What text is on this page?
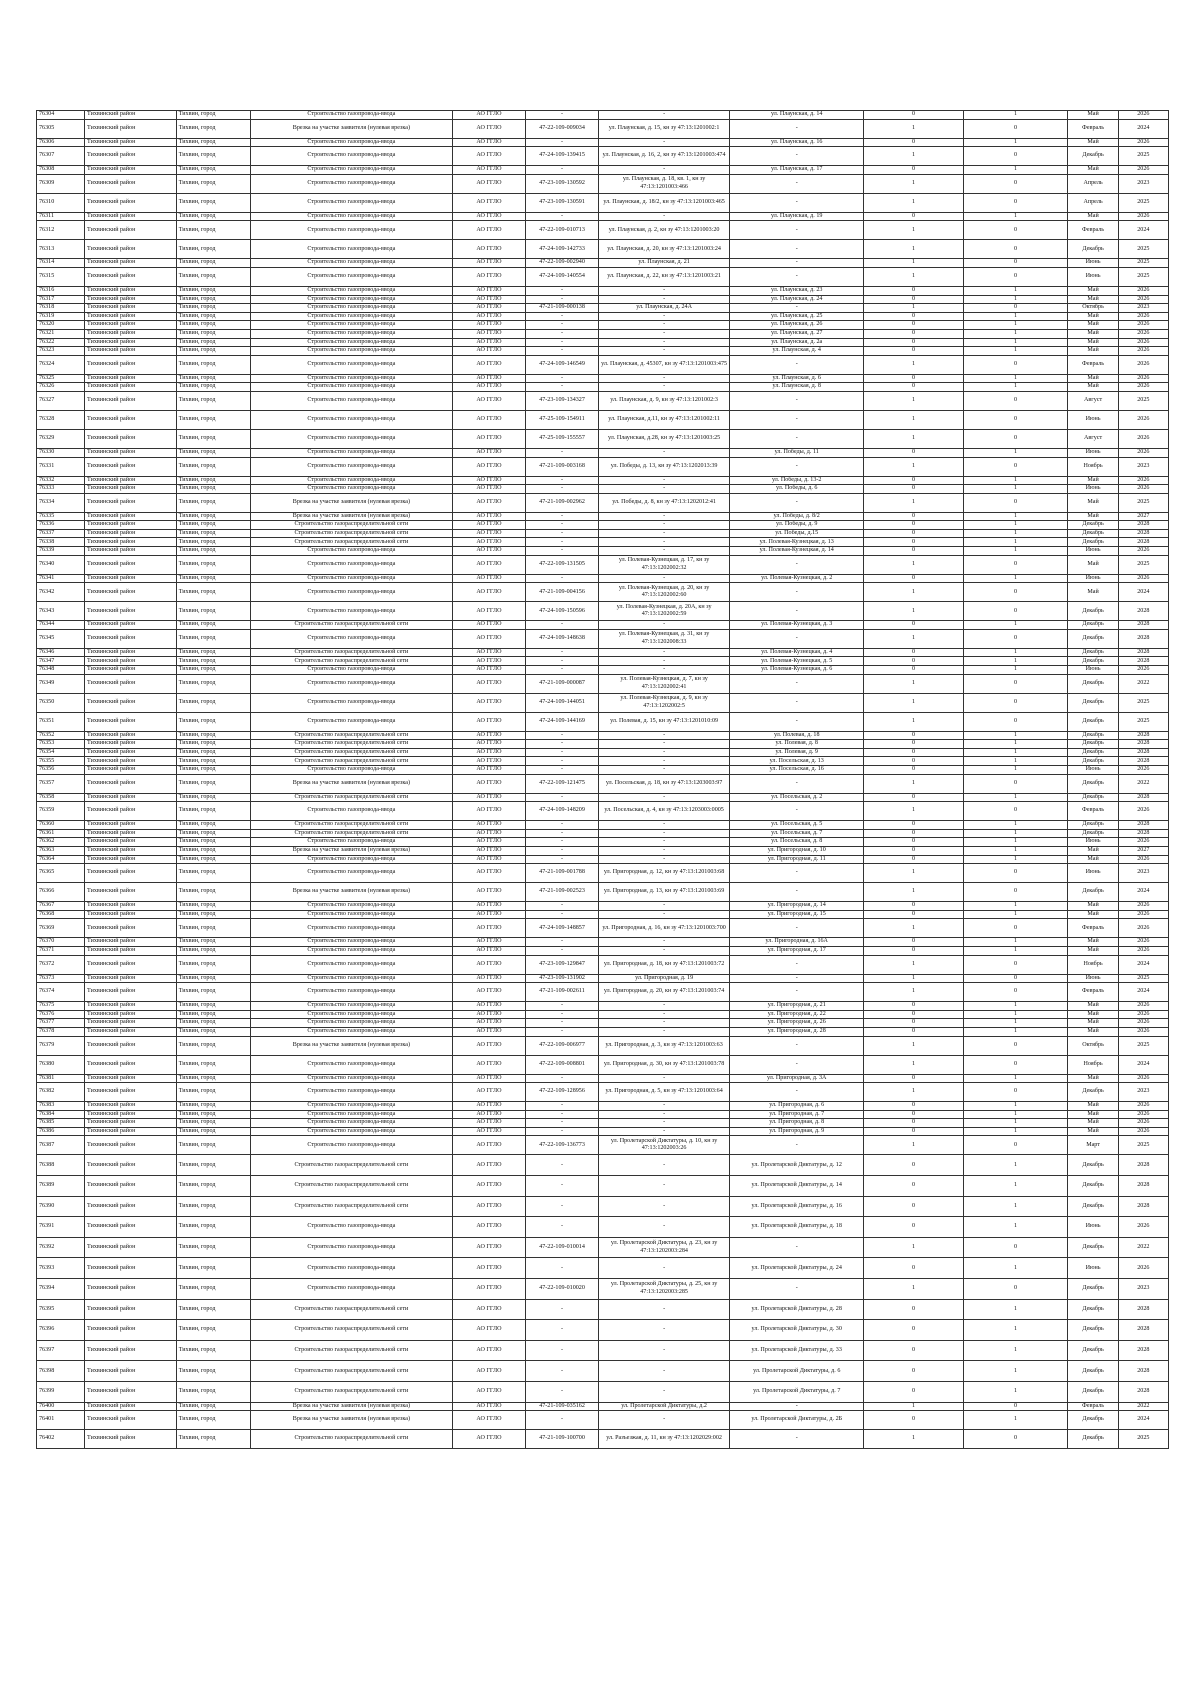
76304	Тихвинский район	Тихвин, город	Строительство газопровода-ввода	АО ГГЛО	-	-	ул. Плаунская, д. 14	0	1	Май	2026
76305	Тихвинский район	Тихвин, город	Врезка на участке заявителя (нулевая врезка)	АО ГГЛО	47-22-109-009034	ул. Плаунская, д. 15, кн зу 47:13:1201002:1	-	1	0	Февраль	2024
76306	Тихвинский район	Тихвин, город	Строительство газопровода-ввода	АО ГГЛО	-	-	ул. Плаунская, д. 16	0	1	Май	2026
76307	Тихвинский район	Тихвин, город	Строительство газопровода-ввода	АО ГГЛО	47-24-109-139415	ул. Плаунская, д. 16, 2, кн зу 47:13:1201003:474	-	1	0	Декабрь	2025
76308	Тихвинский район	Тихвин, город	Строительство газопровода-ввода	АО ГГЛО	-	-	ул. Плаунская, д. 17	0	1	Май	2026
76309	Тихвинский район	Тихвин, город	Строительство газопровода-ввода	АО ГГЛО	47-23-109-130592	ул. Плаунская, д. 18, кв. 1, кн зу 47:13:1201003:466	-	1	0	Апрель	2023
76310	Тихвинский район	Тихвин, город	Строительство газопровода-ввода	АО ГГЛО	47-23-109-130591	ул. Плаунская, д. 18/2, кн зу 47:13:1201003:465	-	1	0	Апрель	2025
76311	Тихвинский район	Тихвин, город	Строительство газопровода-ввода	АО ГГЛО	-	-	ул. Плаунская, д. 19	0	1	Май	2026
76312	Тихвинский район	Тихвин, город	Строительство газопровода-ввода	АО ГГЛО	47-22-109-010713	ул. Плаунская, д. 2, кн зу 47:13:1201003:20	-	1	0	Февраль	2024
76313	Тихвинский район	Тихвин, город	Строительство газопровода-ввода	АО ГГЛО	47-24-109-142733	ул. Плаунская, д. 20, кн зу 47:13:1201003:24	-	1	0	Декабрь	2025
76314	Тихвинский район	Тихвин, город	Строительство газопровода-ввода	АО ГГЛО	47-22-109-002940	ул. Плаунская, д. 21	-	1	0	Июнь	2025
76315	Тихвинский район	Тихвин, город	Строительство газопровода-ввода	АО ГГЛО	47-24-109-140554	ул. Плаунская, д. 22, кн зу 47:13:1201003:21	-	1	0	Июнь	2025
76316	Тихвинский район	Тихвин, город	Строительство газопровода-ввода	АО ГГЛО	-	-	ул. Плаунская, д. 23	0	1	Май	2026
76317	Тихвинский район	Тихвин, город	Строительство газопровода-ввода	АО ГГЛО	-	-	ул. Плаунская, д. 24	0	1	Май	2026
76318	Тихвинский район	Тихвин, город	Строительство газопровода-ввода	АО ГГЛО	47-21-109-000138	ул. Плаунская, д. 24А	-	1	0	Октябрь	2023
76319	Тихвинский район	Тихвин, город	Строительство газопровода-ввода	АО ГГЛО	-	-	ул. Плаунская, д. 25	0	1	Май	2026
76320	Тихвинский район	Тихвин, город	Строительство газопровода-ввода	АО ГГЛО	-	-	ул. Плаунская, д. 26	0	1	Май	2026
76321	Тихвинский район	Тихвин, город	Строительство газопровода-ввода	АО ГГЛО	-	-	ул. Плаунская, д. 27	0	1	Май	2026
76322	Тихвинский район	Тихвин, город	Строительство газопровода-ввода	АО ГГЛО	-	-	ул. Плаунская, д. 2а	0	1	Май	2026
76323	Тихвинский район	Тихвин, город	Строительство газопровода-ввода	АО ГГЛО	-	-	ул. Плаунская, д. 4	0	1	Май	2026
76324	Тихвинский район	Тихвин, город	Строительство газопровода-ввода	АО ГГЛО	47-24-109-146549	ул. Плаунская, д. 45307, кн зу 47:13:1201003:475	-	1	0	Февраль	2026
76325	Тихвинский район	Тихвин, город	Строительство газопровода-ввода	АО ГГЛО	-	-	ул. Плаунская, д. 6	0	1	Май	2026
76326	Тихвинский район	Тихвин, город	Строительство газопровода-ввода	АО ГГЛО	-	-	ул. Плаунская, д. 8	0	1	Май	2026
76327	Тихвинский район	Тихвин, город	Строительство газопровода-ввода	АО ГГЛО	47-23-109-134327	ул. Плаунская, д. 9, кн зу 47:13:1201002:3	-	1	0	Август	2025
76328	Тихвинский район	Тихвин, город	Строительство газопровода-ввода	АО ГГЛО	47-25-109-154911	ул. Плаунская, д.11, кн зу 47:13:1201002:11	-	1	0	Июнь	2026
76329	Тихвинский район	Тихвин, город	Строительство газопровода-ввода	АО ГГЛО	47-25-109-155557	ул. Плаунская, д.28, кн зу 47:13:1201003:25	-	1	0	Август	2026
76330	Тихвинский район	Тихвин, город	Строительство газопровода-ввода	АО ГГЛО	-	-	ул. Победы, д. 11	0	1	Июнь	2026
76331	Тихвинский район	Тихвин, город	Строительство газопровода-ввода	АО ГГЛО	47-21-109-003168	ул. Победы, д. 13, кн зу 47:13:1202013:39	-	1	0	Ноябрь	2023
76332	Тихвинский район	Тихвин, город	Строительство газопровода-ввода	АО ГГЛО	-	-	ул. Победы, д. 13-2	0	1	Май	2026
76333	Тихвинский район	Тихвин, город	Строительство газопровода-ввода	АО ГГЛО	-	-	ул. Победы, д. 6	0	1	Июнь	2026
76334	Тихвинский район	Тихвин, город	Врезка на участке заявителя (нулевая врезка)	АО ГГЛО	47-21-109-002962	ул. Победы, д. 8, кн зу 47:13:1202012:41	-	1	0	Май	2025
76335	Тихвинский район	Тихвин, город	Врезка на участке заявителя (нулевая врезка)	АО ГГЛО	-	-	ул. Победы, д. 8/2	0	1	Май	2027
76336	Тихвинский район	Тихвин, город	Строительство газораспределительной сети	АО ГГЛО	-	-	ул. Победы, д. 9	0	1	Декабрь	2028
76337	Тихвинский район	Тихвин, город	Строительство газораспределительной сети	АО ГГЛО	-	-	ул. Победы, д.15	0	1	Декабрь	2028
76338	Тихвинский район	Тихвин, город	Строительство газораспределительной сети	АО ГГЛО	-	-	ул. Полевая-Кузнецкая, д. 13	0	1	Декабрь	2028
76339	Тихвинский район	Тихвин, город	Строительство газопровода-ввода	АО ГГЛО	-	-	ул. Полевая-Кузнецкая, д. 14	0	1	Июнь	2026
76340	Тихвинский район	Тихвин, город	Строительство газопровода-ввода	АО ГГЛО	47-22-109-131505	ул. Полевая-Кузнецкая, д. 17, кн зу 47:13:1202002:32	-	1	0	Май	2025
76341	Тихвинский район	Тихвин, город	Строительство газопровода-ввода	АО ГГЛО	-	-	ул. Полевая-Кузнецкая, д. 2	0	1	Июнь	2026
76342	Тихвинский район	Тихвин, город	Строительство газопровода-ввода	АО ГГЛО	47-21-109-004156	ул. Полевая-Кузнецкая, д. 20, кн зу 47:13:1202002:60	-	1	0	Май	2024
76343	Тихвинский район	Тихвин, город	Строительство газопровода-ввода	АО ГГЛО	47-24-109-150596	ул. Полевая-Кузнецкая, д. 20А, кн зу 47:13:1202002:59	-	1	0	Декабрь	2028
76344	Тихвинский район	Тихвин, город	Строительство газораспределительной сети	АО ГГЛО	-	-	ул. Полевая-Кузнецкая, д. 3	0	1	Декабрь	2028
76345	Тихвинский район	Тихвин, город	Строительство газопровода-ввода	АО ГГЛО	47-24-109-148638	ул. Полевая-Кузнецкая, д. 31, кн зу 47:13:1202008:33	-	1	0	Декабрь	2028
76346	Тихвинский район	Тихвин, город	Строительство газораспределительной сети	АО ГГЛО	-	-	ул. Полевая-Кузнецкая, д. 4	0	1	Декабрь	2028
76347	Тихвинский район	Тихвин, город	Строительство газораспределительной сети	АО ГГЛО	-	-	ул. Полевая-Кузнецкая, д. 5	0	1	Декабрь	2028
76348	Тихвинский район	Тихвин, город	Строительство газопровода-ввода	АО ГГЛО	-	-	ул. Полевая-Кузнецкая, д. 6	0	1	Июнь	2026
76349	Тихвинский район	Тихвин, город	Строительство газопровода-ввода	АО ГГЛО	47-21-109-000087	ул. Полевая-Кузнецкая, д. 7, кн зу 47:13:1202002:41	-	1	0	Декабрь	2022
76350	Тихвинский район	Тихвин, город	Строительство газопровода-ввода	АО ГГЛО	47-24-109-144051	ул. Полевая-Кузнецкая, д. 9, кн зу 47:13:1202002:5	-	1	0	Декабрь	2025
76351	Тихвинский район	Тихвин, город	Строительство газопровода-ввода	АО ГГЛО	47-24-109-144169	ул. Полевая, д. 15, кн зу 47:13:1201010:09	-	1	0	Декабрь	2025
76352	Тихвинский район	Тихвин, город	Строительство газораспределительной сети	АО ГГЛО	-	-	ул. Полевая, д. 18	0	1	Декабрь	2028
76353	Тихвинский район	Тихвин, город	Строительство газораспределительной сети	АО ГГЛО	-	-	ул. Полевая, д. 8	0	1	Декабрь	2028
76354	Тихвинский район	Тихвин, город	Строительство газораспределительной сети	АО ГГЛО	-	-	ул. Полевая, д. 9	0	1	Декабрь	2028
76355	Тихвинский район	Тихвин, город	Строительство газораспределительной сети	АО ГГЛО	-	-	ул. Посельская, д. 13	0	1	Декабрь	2028
76356	Тихвинский район	Тихвин, город	Строительство газопровода-ввода	АО ГГЛО	-	-	ул. Посельская, д. 16	0	1	Июнь	2026
76357	Тихвинский район	Тихвин, город	Врезка на участке заявителя (нулевая врезка)	АО ГГЛО	47-22-109-121475	ул. Посельская, д. 18, кн зу 47:13:1203003:97	-	1	0	Декабрь	2022
76358	Тихвинский район	Тихвин, город	Строительство газораспределительной сети	АО ГГЛО	-	-	ул. Посельская, д. 2	0	1	Декабрь	2028
76359	Тихвинский район	Тихвин, город	Строительство газопровода-ввода	АО ГГЛО	47-24-109-148209	ул. Посельская, д. 4, кн зу 47:13:1203003:0005	-	1	0	Февраль	2026
76360	Тихвинский район	Тихвин, город	Строительство газораспределительной сети	АО ГГЛО	-	-	ул. Посельская, д. 5	0	1	Декабрь	2028
76361	Тихвинский район	Тихвин, город	Строительство газораспределительной сети	АО ГГЛО	-	-	ул. Посельская, д. 7	0	1	Декабрь	2028
76362	Тихвинский район	Тихвин, город	Строительство газопровода-ввода	АО ГГЛО	-	-	ул. Посельская, д. 8	0	1	Июнь	2026
76363	Тихвинский район	Тихвин, город	Врезка на участке заявителя (нулевая врезка)	АО ГГЛО	-	-	ул. Пригородная, д. 10	0	1	Май	2027
76364	Тихвинский район	Тихвин, город	Строительство газопровода-ввода	АО ГГЛО	-	-	ул. Пригородная, д. 11	0	1	Май	2026
76365	Тихвинский район	Тихвин, город	Строительство газопровода-ввода	АО ГГЛО	47-21-109-001788	ул. Пригородная, д. 12, кн зу 47:13:1201003:68	-	1	0	Июнь	2023
76366	Тихвинский район	Тихвин, город	Врезка на участке заявителя (нулевая врезка)	АО ГГЛО	47-21-109-002523	ул. Пригородная, д. 13, кн зу 47:13:1201003:69	-	1	0	Декабрь	2024
76367	Тихвинский район	Тихвин, город	Строительство газопровода-ввода	АО ГГЛО	-	-	ул. Пригородная, д. 14	0	1	Май	2026
76368	Тихвинский район	Тихвин, город	Строительство газопровода-ввода	АО ГГЛО	-	-	ул. Пригородная, д. 15	0	1	Май	2026
76369	Тихвинский район	Тихвин, город	Строительство газопровода-ввода	АО ГГЛО	47-24-109-148857	ул. Пригородная, д. 16, кн зу 47:13:1201003:700	-	1	0	Февраль	2026
76370	Тихвинский район	Тихвин, город	Строительство газопровода-ввода	АО ГГЛО	-	-	ул. Пригородная, д. 16А	0	1	Май	2026
76371	Тихвинский район	Тихвин, город	Строительство газопровода-ввода	АО ГГЛО	-	-	ул. Пригородная, д. 17	0	1	Май	2026
76372	Тихвинский район	Тихвин, город	Строительство газопровода-ввода	АО ГГЛО	47-23-109-129847	ул. Пригородная, д. 18, кн зу 47:13:1201003:72	-	1	0	Ноябрь	2024
76373	Тихвинский район	Тихвин, город	Строительство газопровода-ввода	АО ГГЛО	47-23-109-131902	ул. Пригородная, д. 19	-	1	0	Июнь	2025
76374	Тихвинский район	Тихвин, город	Строительство газопровода-ввода	АО ГГЛО	47-21-109-002611	ул. Пригородная, д. 20, кн зу 47:13:1201003:74	-	1	0	Февраль	2024
76375	Тихвинский район	Тихвин, город	Строительство газопровода-ввода	АО ГГЛО	-	-	ул. Пригородная, д. 21	0	1	Май	2026
76376	Тихвинский район	Тихвин, город	Строительство газопровода-ввода	АО ГГЛО	-	-	ул. Пригородная, д. 22	0	1	Май	2026
76377	Тихвинский район	Тихвин, город	Строительство газопровода-ввода	АО ГГЛО	-	-	ул. Пригородная, д. 26	0	1	Май	2026
76378	Тихвинский район	Тихвин, город	Строительство газопровода-ввода	АО ГГЛО	-	-	ул. Пригородная, д. 28	0	1	Май	2026
76379	Тихвинский район	Тихвин, город	Врезка на участке заявителя (нулевая врезка)	АО ГГЛО	47-22-109-006977	ул. Пригородная, д. 3, кн зу 47:13:1201003:63	-	1	0	Октябрь	2025
76380	Тихвинский район	Тихвин, город	Строительство газопровода-ввода	АО ГГЛО	47-22-109-008801	ул. Пригородная, д. 30, кн зу 47:13:1201003:78	-	1	0	Ноябрь	2024
76381	Тихвинский район	Тихвин, город	Строительство газопровода-ввода	АО ГГЛО	-	-	ул. Пригородная, д. 3А	0	1	Май	2026
76382	Тихвинский район	Тихвин, город	Строительство газопровода-ввода	АО ГГЛО	47-22-109-128956	ул. Пригородная, д. 5, кн зу 47:13:1201003:64	-	1	0	Декабрь	2023
76383	Тихвинский район	Тихвин, город	Строительство газопровода-ввода	АО ГГЛО	-	-	ул. Пригородная, д. 6	0	1	Май	2026
76384	Тихвинский район	Тихвин, город	Строительство газопровода-ввода	АО ГГЛО	-	-	ул. Пригородная, д. 7	0	1	Май	2026
76385	Тихвинский район	Тихвин, город	Строительство газопровода-ввода	АО ГГЛО	-	-	ул. Пригородная, д. 8	0	1	Май	2026
76386	Тихвинский район	Тихвин, город	Строительство газопровода-ввода	АО ГГЛО	-	-	ул. Пригородная, д. 9	0	1	Май	2026
76387	Тихвинский район	Тихвин, город	Строительство газопровода-ввода	АО ГГЛО	47-22-109-136773	ул. Пролетарской Диктатуры, д. 10, кн зу 47:13:1202003:26	-	1	0	Март	2025
76388	Тихвинский район	Тихвин, город	Строительство газораспределительной сети	АО ГГЛО	-	-	ул. Пролетарской Диктатуры, д. 12	0	1	Декабрь	2028
76389	Тихвинский район	Тихвин, город	Строительство газораспределительной сети	АО ГГЛО	-	-	ул. Пролетарской Диктатуры, д. 14	0	1	Декабрь	2028
76390	Тихвинский район	Тихвин, город	Строительство газораспределительной сети	АО ГГЛО	-	-	ул. Пролетарской Диктатуры, д. 16	0	1	Декабрь	2028
76391	Тихвинский район	Тихвин, город	Строительство газопровода-ввода	АО ГГЛО	-	-	ул. Пролетарской Диктатуры, д. 18	0	1	Июнь	2026
76392	Тихвинский район	Тихвин, город	Строительство газопровода-ввода	АО ГГЛО	47-22-109-010014	ул. Пролетарской Диктатуры, д. 23, кн зу 47:13:1202003:284	-	1	0	Декабрь	2022
76393	Тихвинский район	Тихвин, город	Строительство газопровода-ввода	АО ГГЛО	-	-	ул. Пролетарской Диктатуры, д. 24	0	1	Июнь	2026
76394	Тихвинский район	Тихвин, город	Строительство газопровода-ввода	АО ГГЛО	47-22-109-010020	ул. Пролетарской Диктатуры, д. 25, кн зу 47:13:1202003:285	-	1	0	Декабрь	2023
76395	Тихвинский район	Тихвин, город	Строительство газораспределительной сети	АО ГГЛО	-	-	ул. Пролетарской Диктатуры, д. 28	0	1	Декабрь	2028
76396	Тихвинский район	Тихвин, город	Строительство газораспределительной сети	АО ГГЛО	-	-	ул. Пролетарской Диктатуры, д. 30	0	1	Декабрь	2028
76397	Тихвинский район	Тихвин, город	Строительство газораспределительной сети	АО ГГЛО	-	-	ул. Пролетарской Диктатуры, д. 33	0	1	Декабрь	2028
76398	Тихвинский район	Тихвин, город	Строительство газораспределительной сети	АО ГГЛО	-	-	ул. Пролетарской Диктатуры, д. 6	0	1	Декабрь	2028
76399	Тихвинский район	Тихвин, город	Строительство газораспределительной сети	АО ГГЛО	-	-	ул. Пролетарской Диктатуры, д. 7	0	1	Декабрь	2028
76400	Тихвинский район	Тихвин, город	Врезка на участке заявителя (нулевая врезка)	АО ГГЛО	47-21-109-035162	ул. Пролетарской Диктатуры, д.2	-	1	0	Февраль	2022
76401	Тихвинский район	Тихвин, город	Врезка на участке заявителя (нулевая врезка)	АО ГГЛО	-	-	ул. Пролетарской Диктатуры, д. 2Б	0	1	Декабрь	2024
76402	Тихвинский район	Тихвин, город	Строительство газораспределительной сети	АО ГГЛО	47-21-109-100700	ул. Разъезжая, д. 11, кн зу 47:13:1202029:002	-	1	0	Декабрь	2025
